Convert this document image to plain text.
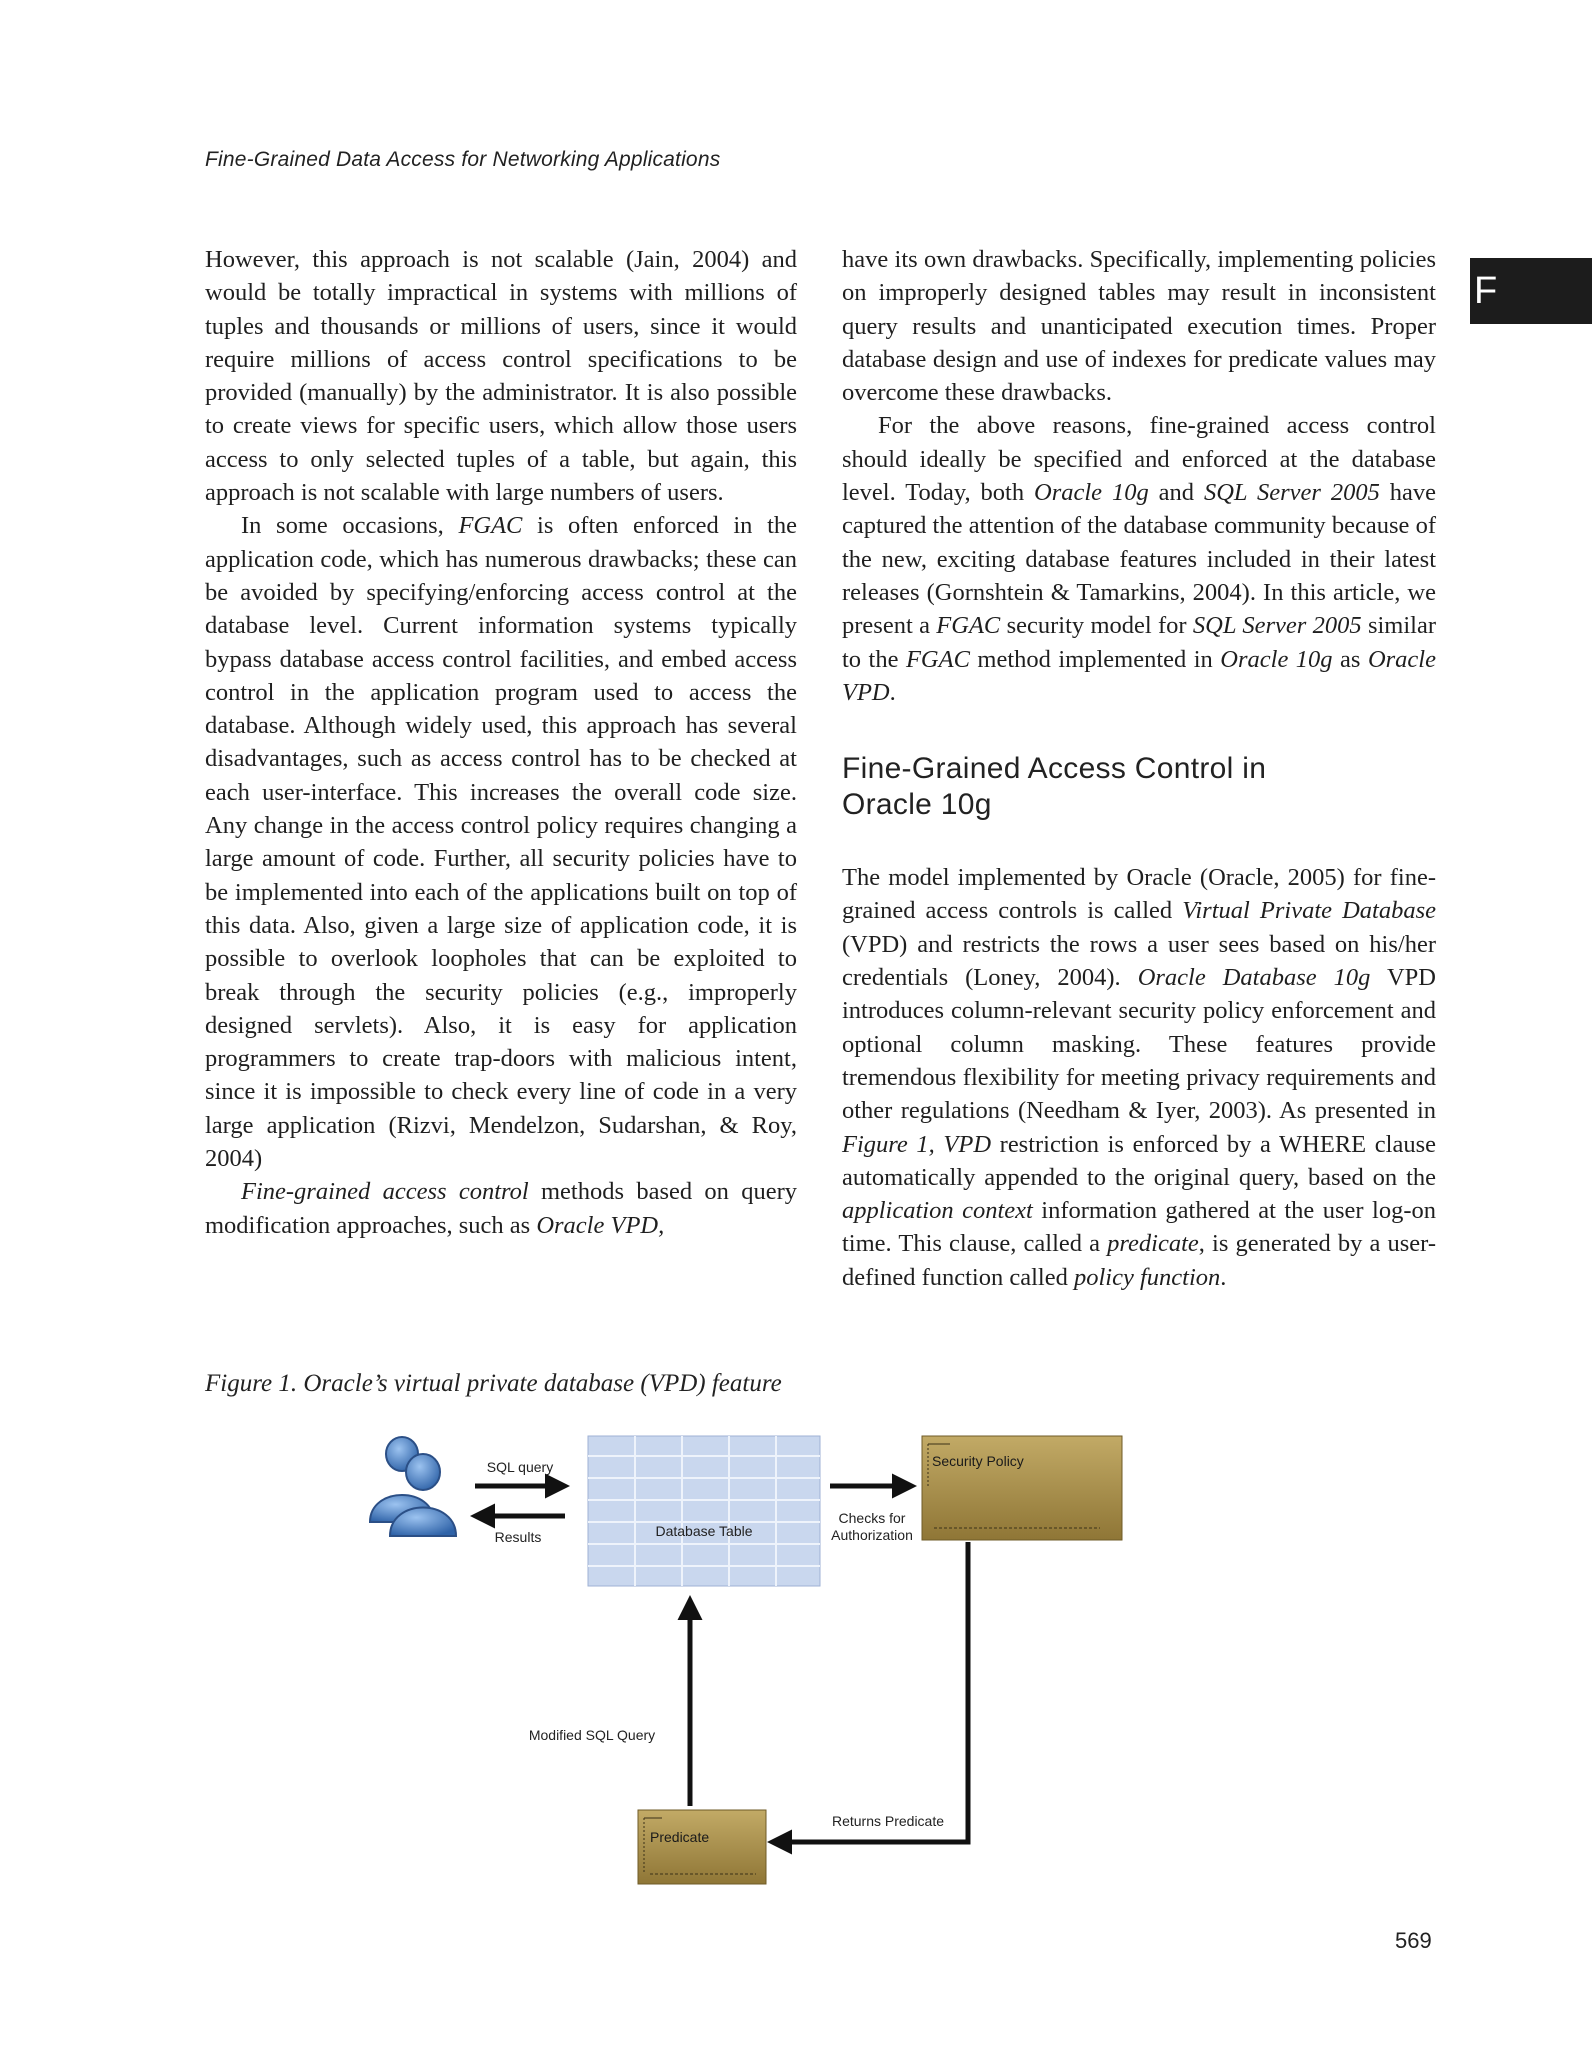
Fine-Grained Data Access for Networking Applications
F

However, this approach is not scalable (Jain, 2004) and would be totally impractical in systems with millions of tuples and thousands or millions of users, since it would require millions of access control specifications to be provided (manually) by the administrator. It is also possible to create views for specific users, which allow those users access to only selected tuples of a table, but again, this approach is not scalable with large numbers of users.

In some occasions, FGAC is often enforced in the application code, which has numerous drawbacks; these can be avoided by specifying/enforcing access control at the database level. Current information systems typically bypass database access control facilities, and embed access control in the application program used to access the database. Although widely used, this approach has several disadvantages, such as access control has to be checked at each user-interface. This increases the overall code size. Any change in the access control policy requires changing a large amount of code. Further, all security policies have to be implemented into each of the applications built on top of this data. Also, given a large size of application code, it is possible to overlook loopholes that can be exploited to break through the security policies (e.g., improperly designed servlets). Also, it is easy for application programmers to create trap-doors with malicious intent, since it is impossible to check every line of code in a very large application (Rizvi, Mendelzon, Sudarshan, & Roy, 2004)

Fine-grained access control methods based on query modification approaches, such as Oracle VPD,

have its own drawbacks. Specifically, implementing policies on improperly designed tables may result in inconsistent query results and unanticipated execution times. Proper database design and use of indexes for predicate values may overcome these drawbacks.

For the above reasons, fine-grained access control should ideally be specified and enforced at the database level. Today, both Oracle 10g and SQL Server 2005 have captured the attention of the database community because of the new, exciting database features included in their latest releases (Gornshtein & Tamarkins, 2004). In this article, we present a FGAC security model for SQL Server 2005 similar to the FGAC method implemented in Oracle 10g as Oracle VPD.

Fine-Grained Access Control in
Oracle 10g

The model implemented by Oracle (Oracle, 2005) for fine-grained access controls is called Virtual Private Database (VPD) and restricts the rows a user sees based on his/her credentials (Loney, 2004). Oracle Database 10g VPD introduces column-relevant security policy enforcement and optional column masking. These features provide tremendous flexibility for meeting privacy requirements and other regulations (Needham & Iyer, 2003). As presented in Figure 1, VPD restriction is enforced by a WHERE clause automatically appended to the original query, based on the application context information gathered at the user log-on time. This clause, called a predicate, is generated by a user-defined function called policy function.

Figure 1. Oracle’s virtual private database (VPD) feature
SQL query
Results	Database Table
Checks for
Authorization
Security Policy
Returns Predicate
Predicate
Modified SQL Query
569
